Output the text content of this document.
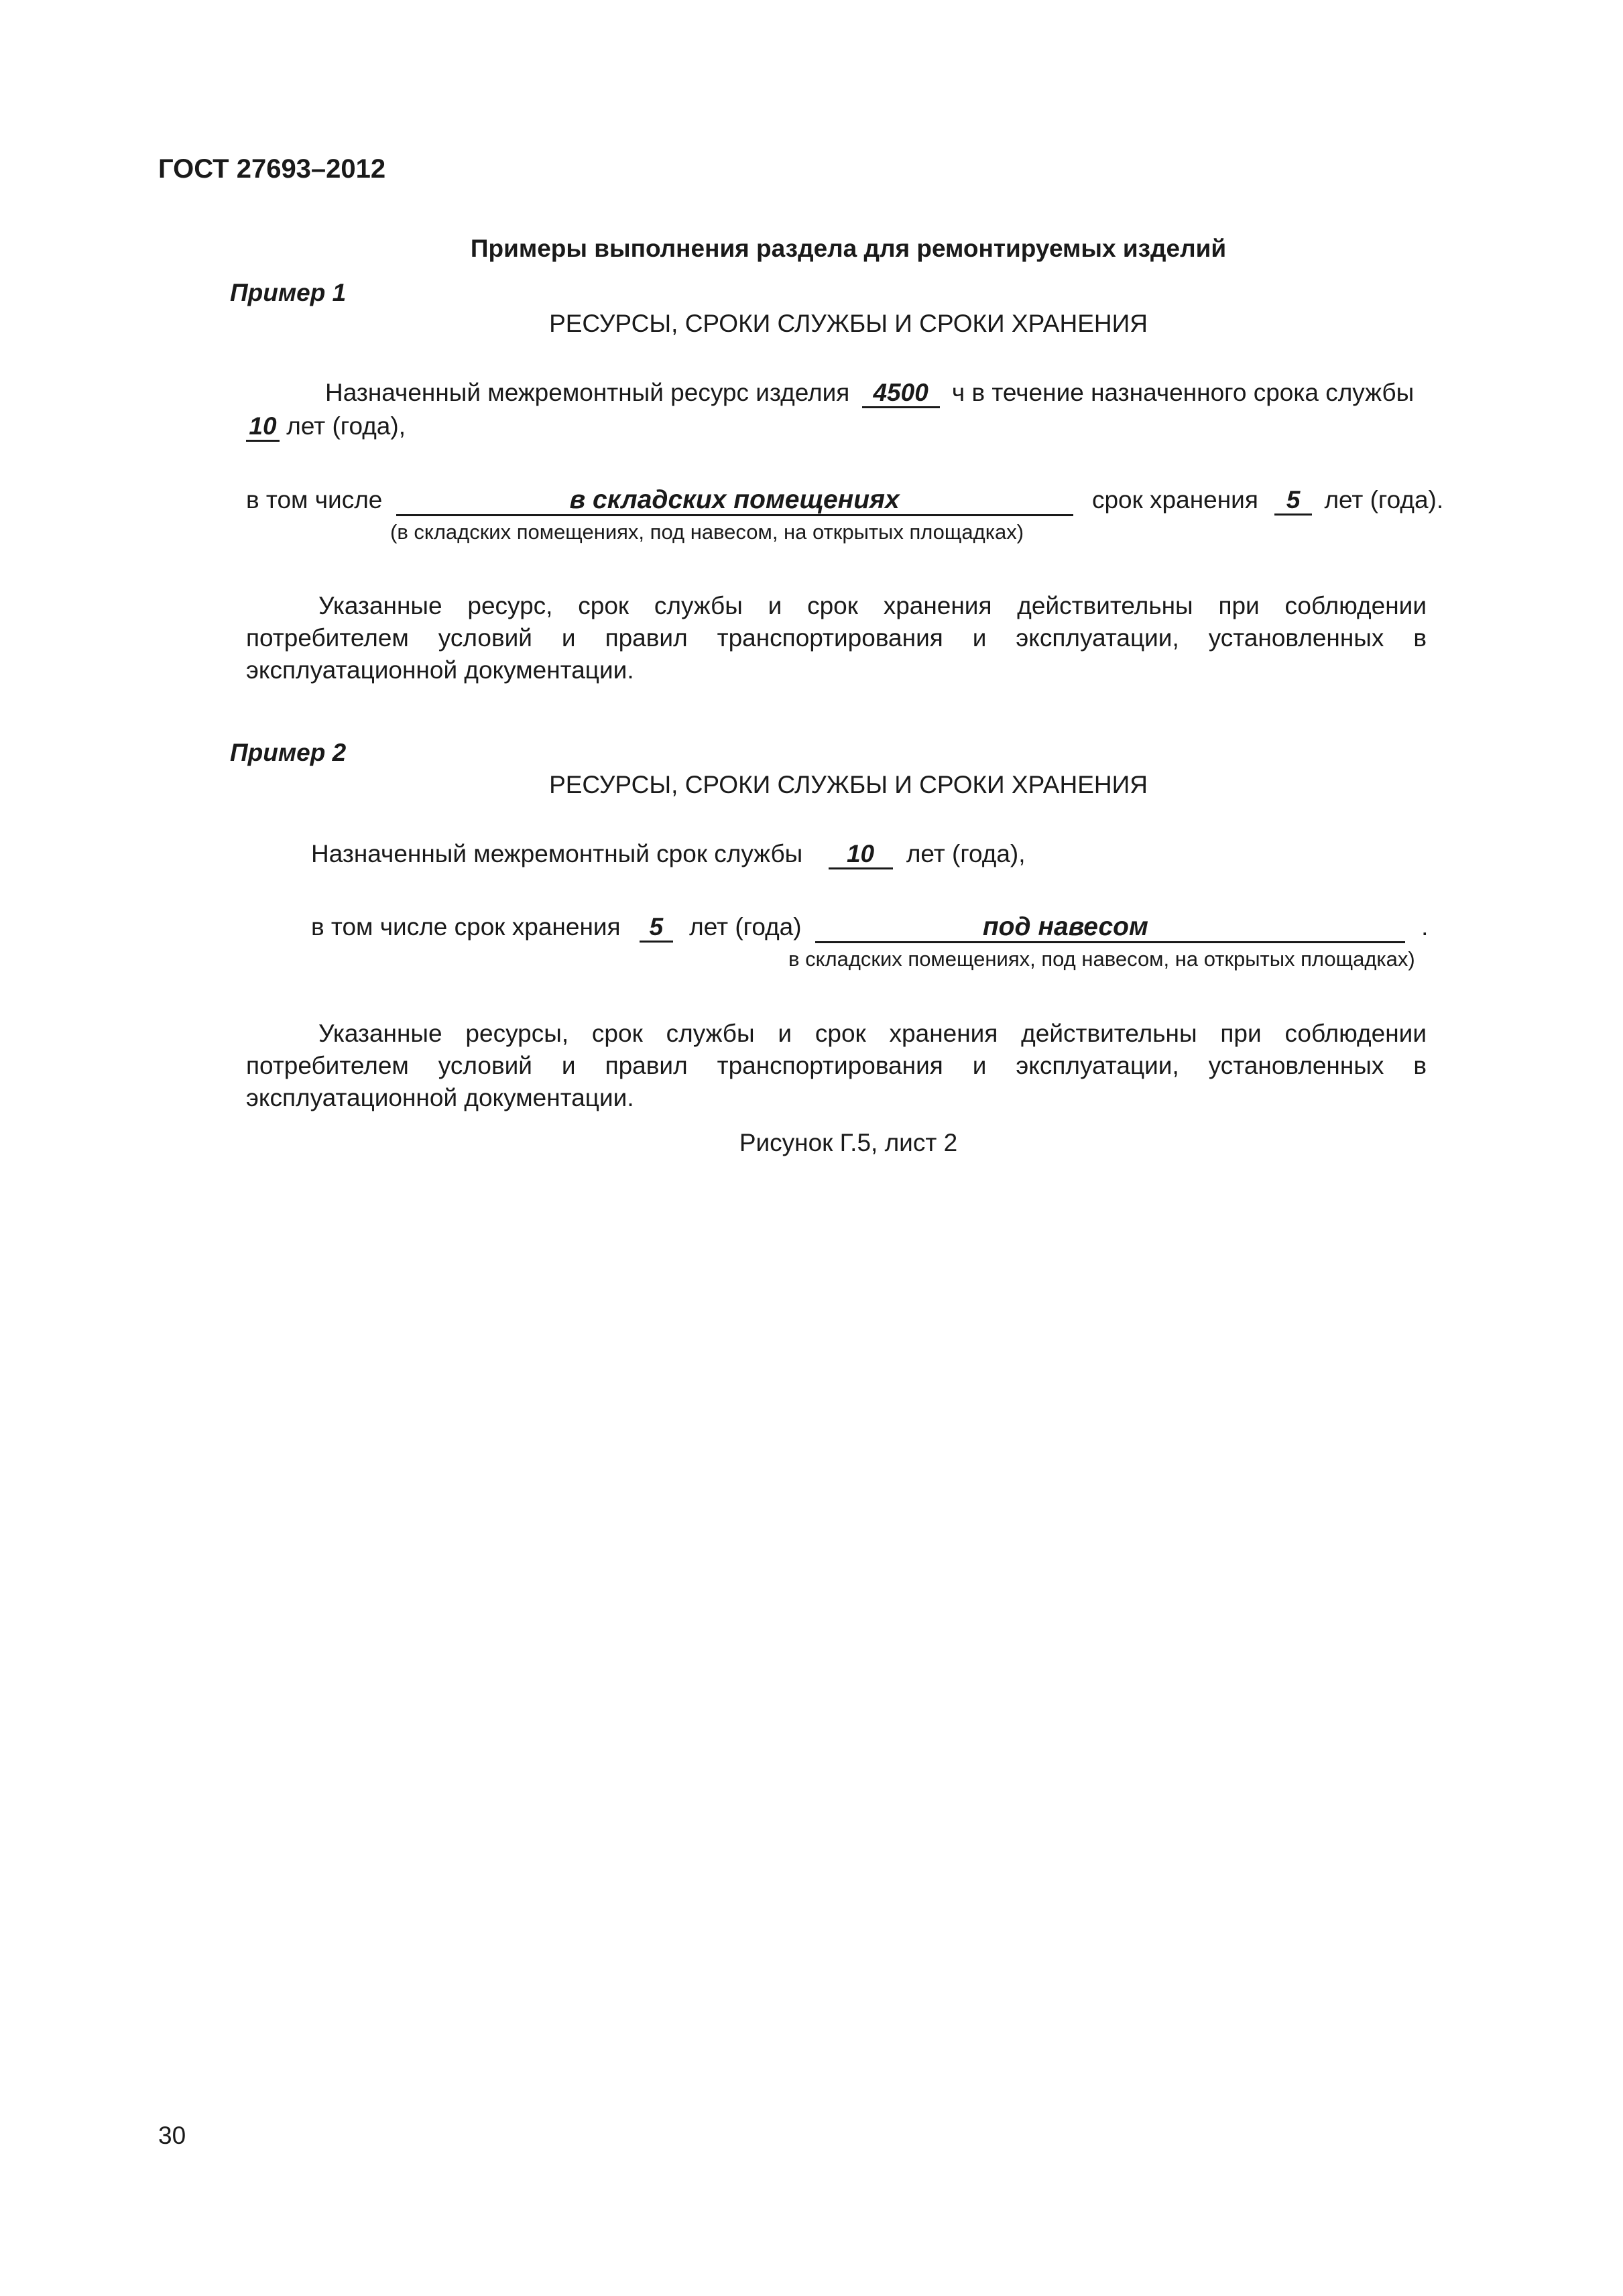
ГОСТ 27693–2012
Примеры выполнения раздела для ремонтируемых изделий
Пример 1
РЕСУРСЫ, СРОКИ СЛУЖБЫ И СРОКИ ХРАНЕНИЯ
Назначенный межремонтный ресурс изделия 4500 ч в течение назначенного срока службы
10 лет (года),
в том числе	в складских помещениях	срок хранения 5 лет (года).
(в складских помещениях, под навесом, на открытых площадках)

Указанные ресурс, срок службы и срок хранения действительны при соблюдении потребителем условий и правил транспортирования и эксплуатации, установленных в эксплуатационной документации.

Пример 2
РЕСУРСЫ, СРОКИ СЛУЖБЫ И СРОКИ ХРАНЕНИЯ
Назначенный межремонтный срок службы 10 лет (года),
в том числе срок хранения 5 лет (года)	под навесом	.
в складских помещениях, под навесом, на открытых площадках)

Указанные ресурсы, срок службы и срок хранения действительны при соблюдении потребителем условий и правил транспортирования и эксплуатации, установленных в эксплуатационной документации.

Рисунок Г.5, лист 2
30
